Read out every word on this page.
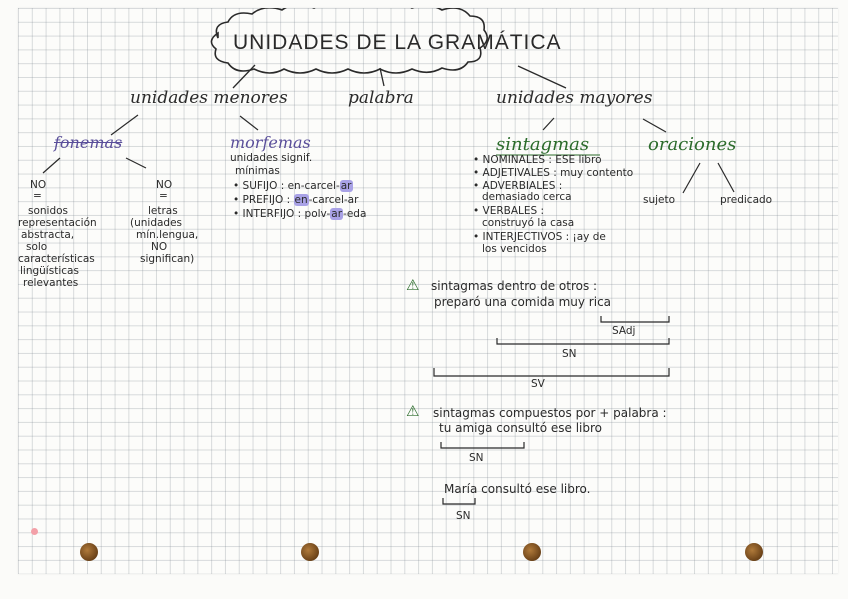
UNIDADES DE LA GRAMÁTICA
unidades menores	palabra	unidades mayores
fonemas
NO
=
sonidos
representación
abstracta,
solo
características
lingüísticas
relevantes
NO
=
letras
(unidades
mín.lengua,
NO
significan)
morfemas
unidades signif.
mínimas
• SUFIJO : en-carcel-ar
• PREFIJO : en-carcel-ar
• INTERFIJO : polv-ar-eda
sintagmas
• NOMINALES : ESE libro
• ADJETIVALES : muy contento
• ADVERBIALES :
demasiado cerca
• VERBALES :
construyó la casa
• INTERJECTIVOS : ¡ay de
los vencidos
oraciones
sujeto	predicado
⚠ sintagmas dentro de otros :
preparó una comida muy rica
SAdj
SN
SV
⚠ sintagmas compuestos por + palabra :
tu amiga consultó ese libro
SN
María consultó ese libro.
SN
